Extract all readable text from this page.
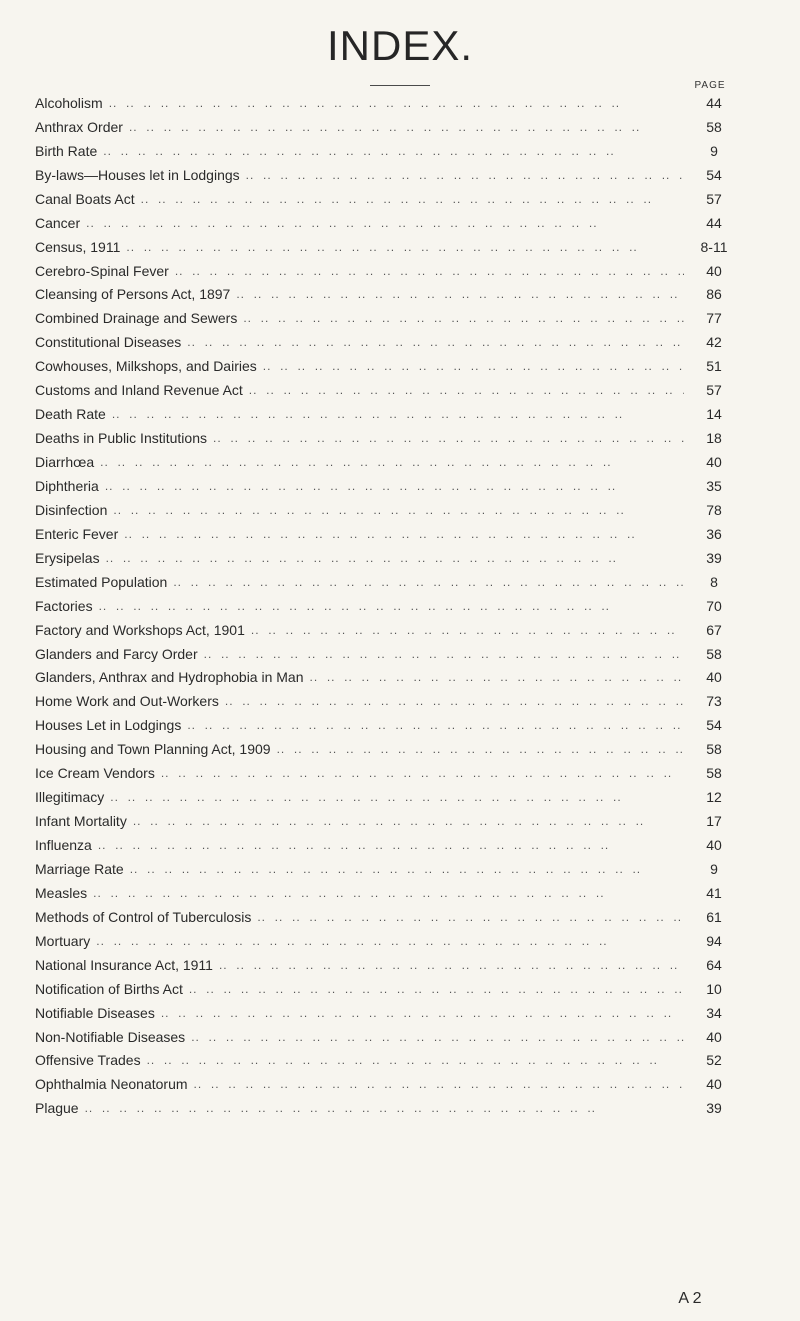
INDEX.
PAGE
Alcoholism .. .	44
Anthrax Order .. .	58
Birth Rate .. .	9
By-laws—Houses let in Lodgings .. .	54
Canal Boats Act .. .	57
Cancer .. .	44
Census, 1911 .. .	8-11
Cerebro-Spinal Fever .. .	40
Cleansing of Persons Act, 1897 .. .	86
Combined Drainage and Sewers .. .	77
Constitutional Diseases .. .	42
Cowhouses, Milkshops, and Dairies .. .	51
Customs and Inland Revenue Act .. .	57
Death Rate .. .	14
Deaths in Public Institutions .. .	18
Diarrhœa .. .	40
Diphtheria .. .	35
Disinfection .. .	78
Enteric Fever .. .	36
Erysipelas .. .	39
Estimated Population .. .	8
Factories .. .	70
Factory and Workshops Act, 1901 .. .	67
Glanders and Farcy Order .. .	58
Glanders, Anthrax and Hydrophobia in Man .. .	40
Home Work and Out-Workers .. .	73
Houses Let in Lodgings .. .	54
Housing and Town Planning Act, 1909 .. .	58
Ice Cream Vendors .. .	58
Illegitimacy .. .	12
Infant Mortality .. .	17
Influenza .. .	40
Marriage Rate .. .	9
Measles .. .	41
Methods of Control of Tuberculosis .. .	61
Mortuary .. .	94
National Insurance Act, 1911 .. .	64
Notification of Births Act .. .	10
Notifiable Diseases .. .	34
Non-Notifiable Diseases .. .	40
Offensive Trades .. .	52
Ophthalmia Neonatorum .. .	40
Plague .. .	39
A 2
